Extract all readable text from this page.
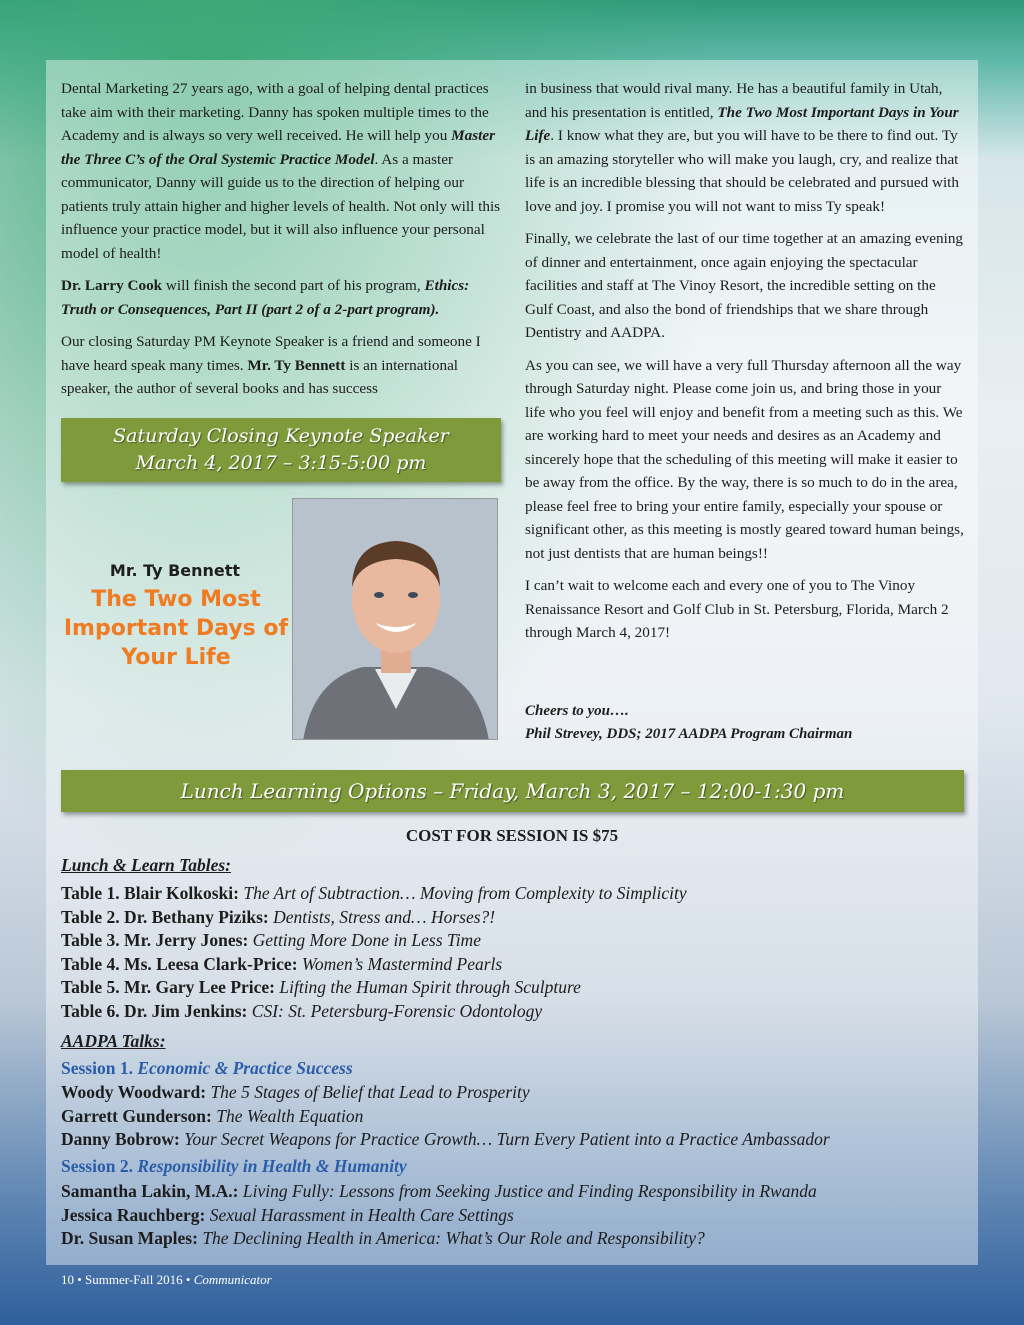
Dental Marketing 27 years ago, with a goal of helping dental practices take aim with their marketing. Danny has spoken multiple times to the Academy and is always so very well received. He will help you Master the Three C’s of the Oral Systemic Practice Model. As a master communicator, Danny will guide us to the direction of helping our patients truly attain higher and higher levels of health. Not only will this influence your practice model, but it will also influence your personal model of health!

Dr. Larry Cook will finish the second part of his program, Ethics: Truth or Consequences, Part II (part 2 of a 2-part program).

Our closing Saturday PM Keynote Speaker is a friend and someone I have heard speak many times. Mr. Ty Bennett is an international speaker, the author of several books and has success

Saturday Closing Keynote Speaker
March 4, 2017 – 3:15-5:00 pm
Mr. Ty Bennett
The Two Most Important Days of Your Life

in business that would rival many. He has a beautiful family in Utah, and his presentation is entitled, The Two Most Important Days in Your Life. I know what they are, but you will have to be there to find out. Ty is an amazing storyteller who will make you laugh, cry, and realize that life is an incredible blessing that should be celebrated and pursued with love and joy. I promise you will not want to miss Ty speak!

Finally, we celebrate the last of our time together at an amazing evening of dinner and entertainment, once again enjoying the spectacular facilities and staff at The Vinoy Resort, the incredible setting on the Gulf Coast, and also the bond of friendships that we share through Dentistry and AADPA.

As you can see, we will have a very full Thursday afternoon all the way through Saturday night. Please come join us, and bring those in your life who you feel will enjoy and benefit from a meeting such as this. We are working hard to meet your needs and desires as an Academy and sincerely hope that the scheduling of this meeting will make it easier to be away from the office. By the way, there is so much to do in the area, please feel free to bring your entire family, especially your spouse or significant other, as this meeting is mostly geared toward human beings, not just dentists that are human beings!!

I can’t wait to welcome each and every one of you to The Vinoy Renaissance Resort and Golf Club in St. Petersburg, Florida, March 2 through March 4, 2017!

Cheers to you….
Phil Strevey, DDS; 2017 AADPA Program Chairman
Lunch Learning Options – Friday, March 3, 2017 – 12:00-1:30 pm
COST FOR SESSION IS $75
Lunch & Learn Tables:
Table 1. Blair Kolkoski: The Art of Subtraction… Moving from Complexity to Simplicity
Table 2. Dr. Bethany Piziks: Dentists, Stress and… Horses?!
Table 3. Mr. Jerry Jones: Getting More Done in Less Time
Table 4. Ms. Leesa Clark-Price: Women’s Mastermind Pearls
Table 5. Mr. Gary Lee Price: Lifting the Human Spirit through Sculpture
Table 6. Dr. Jim Jenkins: CSI: St. Petersburg-Forensic Odontology
AADPA Talks:
Session 1. Economic & Practice Success
Woody Woodward: The 5 Stages of Belief that Lead to Prosperity
Garrett Gunderson: The Wealth Equation
Danny Bobrow: Your Secret Weapons for Practice Growth… Turn Every Patient into a Practice Ambassador
Session 2. Responsibility in Health & Humanity
Samantha Lakin, M.A.: Living Fully: Lessons from Seeking Justice and Finding Responsibility in Rwanda
Jessica Rauchberg: Sexual Harassment in Health Care Settings
Dr. Susan Maples: The Declining Health in America: What’s Our Role and Responsibility?
10 • Summer-Fall 2016 • Communicator
